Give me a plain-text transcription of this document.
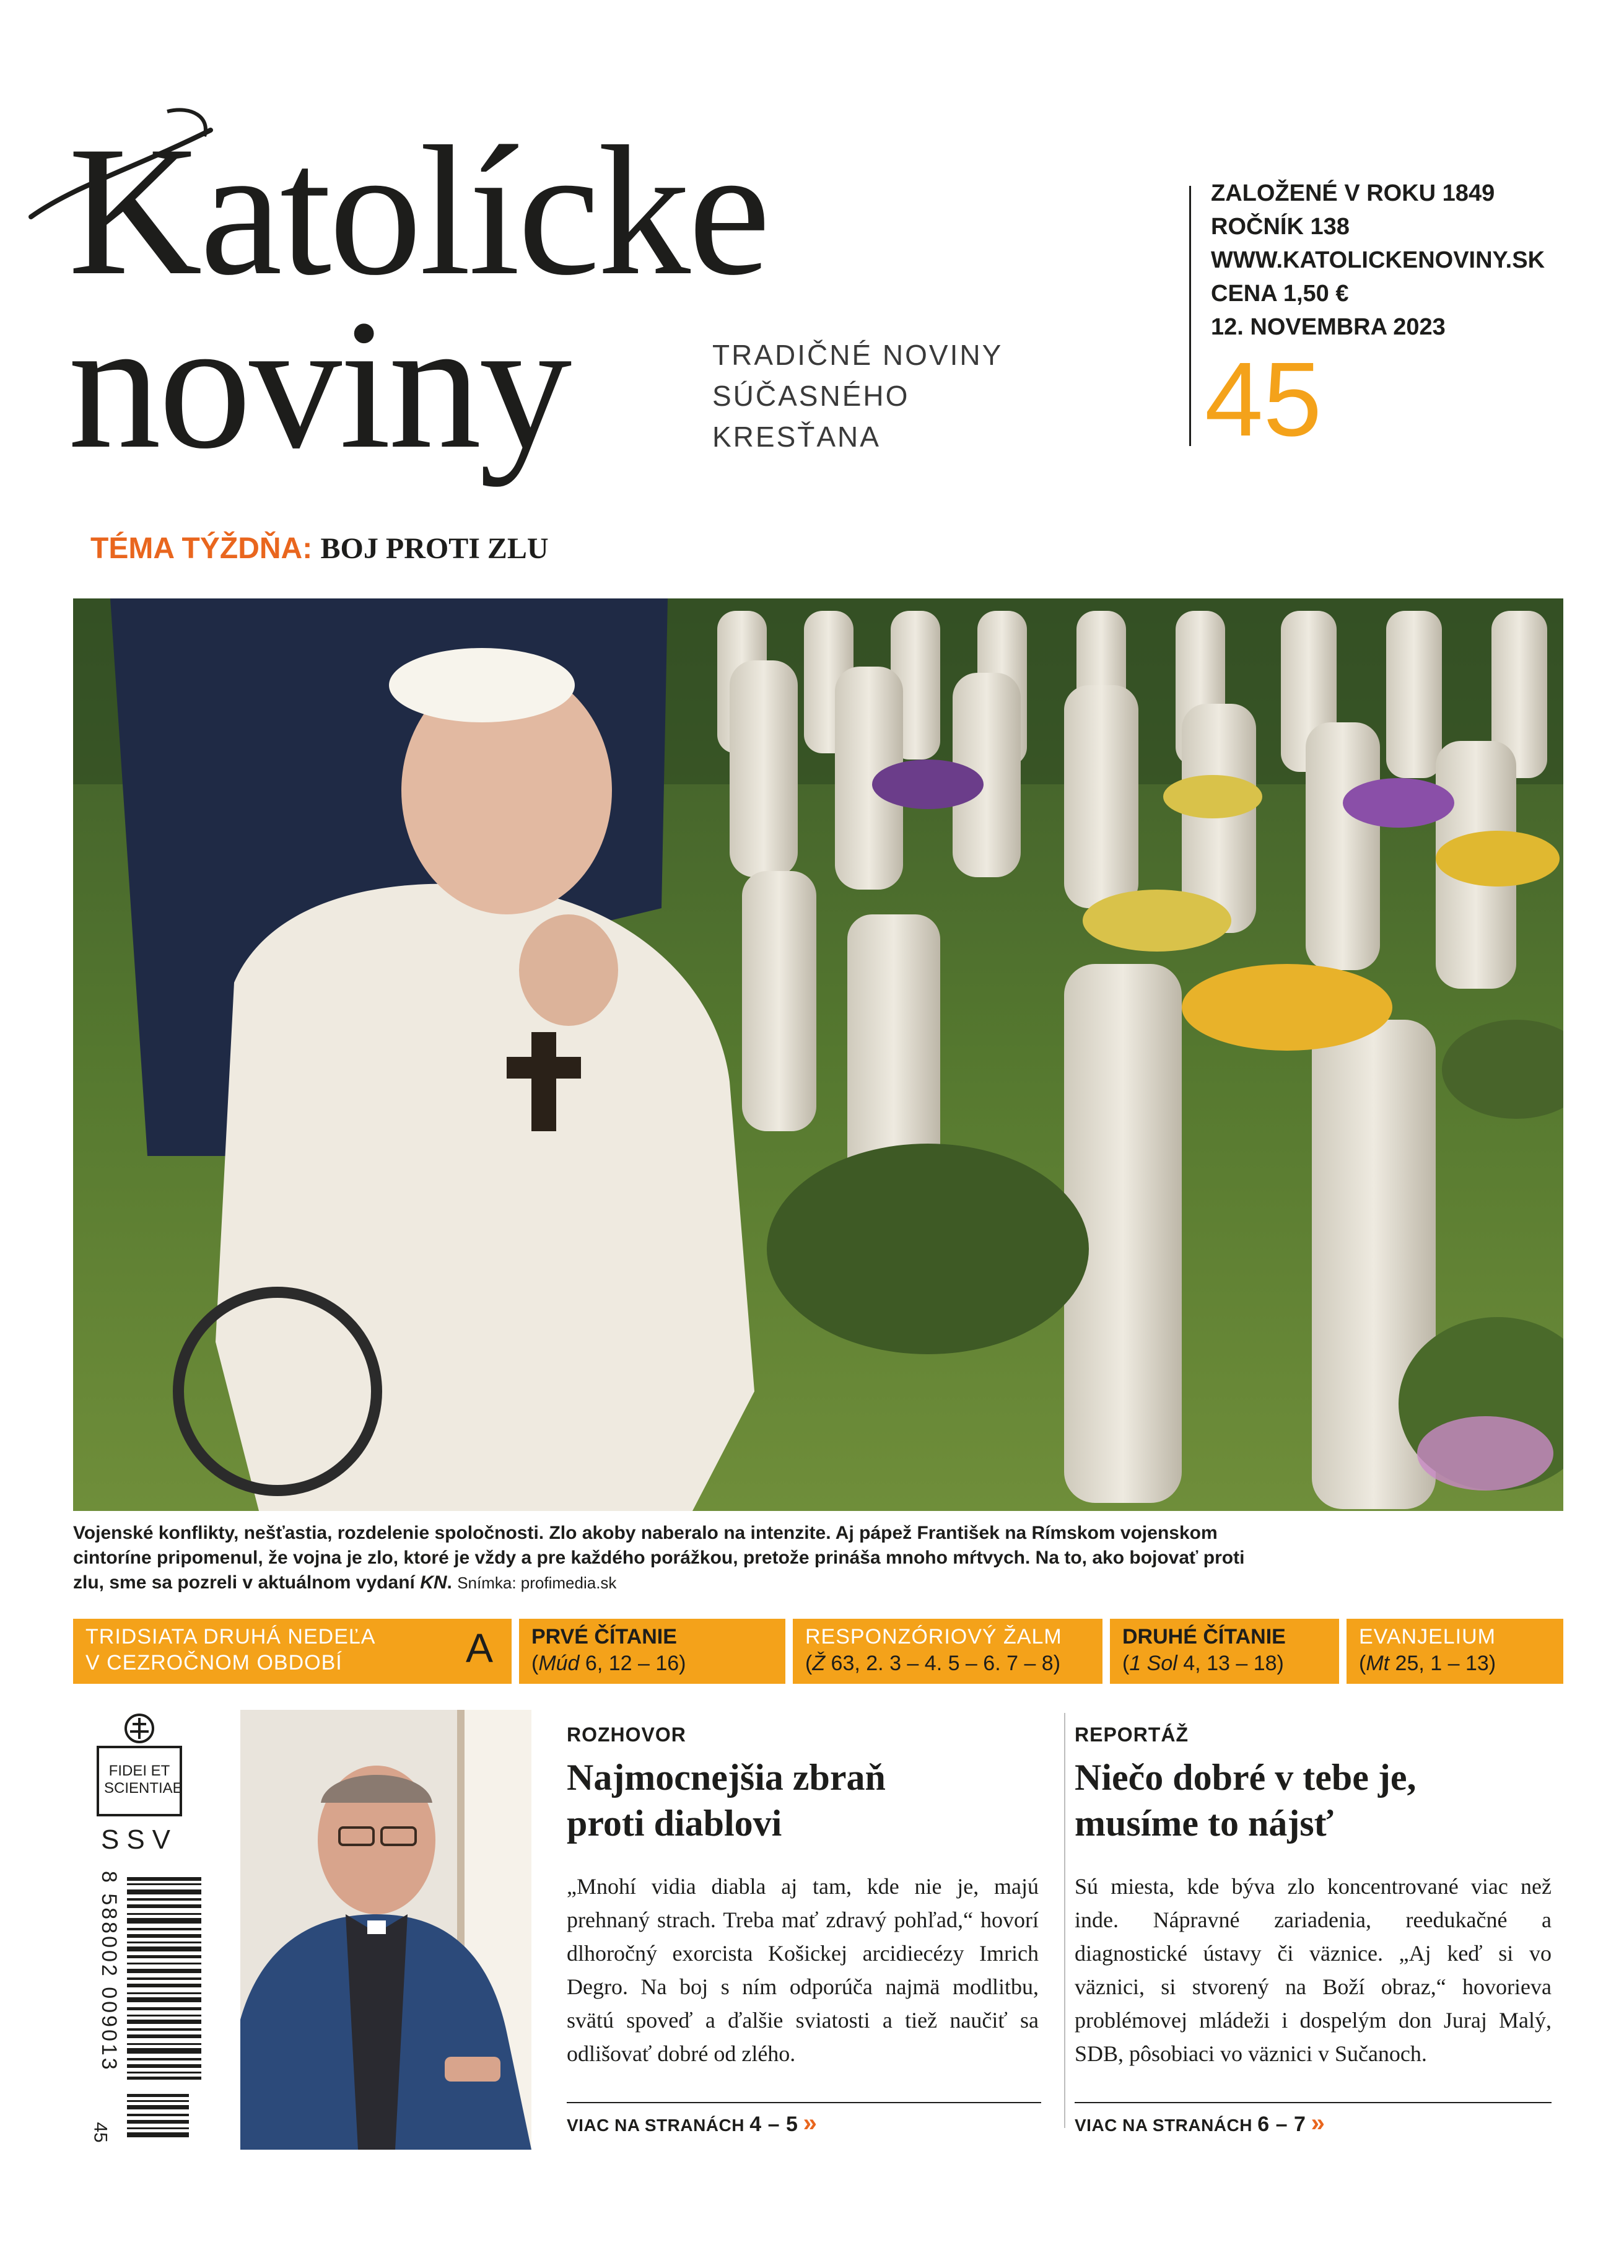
Katolícke
noviny	TRADIČNÉ NOVINY
SÚČASNÉHO
KRESŤANA
ZALOŽENÉ V ROKU 1849
ROČNÍK 138
WWW.KATOLICKENOVINY.SK
CENA 1,50 €
12. NOVEMBRA 2023
45
TÉMA TÝŽDŇA: BOJ PROTI ZLU
Vojenské konflikty, nešťastia, rozdelenie spoločnosti. Zlo akoby naberalo na intenzite. Aj pápež František na Rímskom vojenskom
cintoríne pripomenul, že vojna je zlo, ktoré je vždy a pre každého porážkou, pretože prináša mnoho mŕtvych. Na to, ako bojovať proti
zlu, sme sa pozreli v aktuálnom vydaní KN. Snímka: profimedia.sk
TRIDSIATA DRUHÁ NEDEĽA
V CEZROČNOM OBDOBÍ	A PRVÉ ČÍTANIE
(Múd 6, 12 – 16)
RESPONZÓRIOVÝ ŽALM
(Ž 63, 2. 3 – 4. 5 – 6. 7 – 8)
DRUHÉ ČÍTANIE
(1 Sol 4, 13 – 18)
EVANJELIUM
(Mt 25, 1 – 13)
FIDEI ET
SCIENTIAE
SSV
8 588002 009013
45
ROZHOVOR
Najmocnejšia zbraň
proti diablovi
„Mnohí vidia diabla aj tam, kde nie je, majú prehnaný strach. Treba mať zdravý pohľad,“ hovorí dlhoročný exorcista Košickej arcidiecézy Imrich Degro. Na boj s ním odporúča najmä modlitbu, svätú spoveď a ďalšie sviatosti a tiež naučiť sa odlišovať dobré od zlého.
VIAC NA STRANÁCH 4 – 5 »
REPORTÁŽ
Niečo dobré v tebe je,
musíme to nájsť
Sú miesta, kde býva zlo koncentrované viac než inde. Nápravné zariadenia, reedukačné a diagnostické ústavy či väznice. „Aj keď si vo väznici, si stvorený na Boží obraz,“ hovorieva problémovej mládeži i dospelým don Juraj Malý, SDB, pôsobiaci vo väznici v Sučanoch.
VIAC NA STRANÁCH 6 – 7 »
